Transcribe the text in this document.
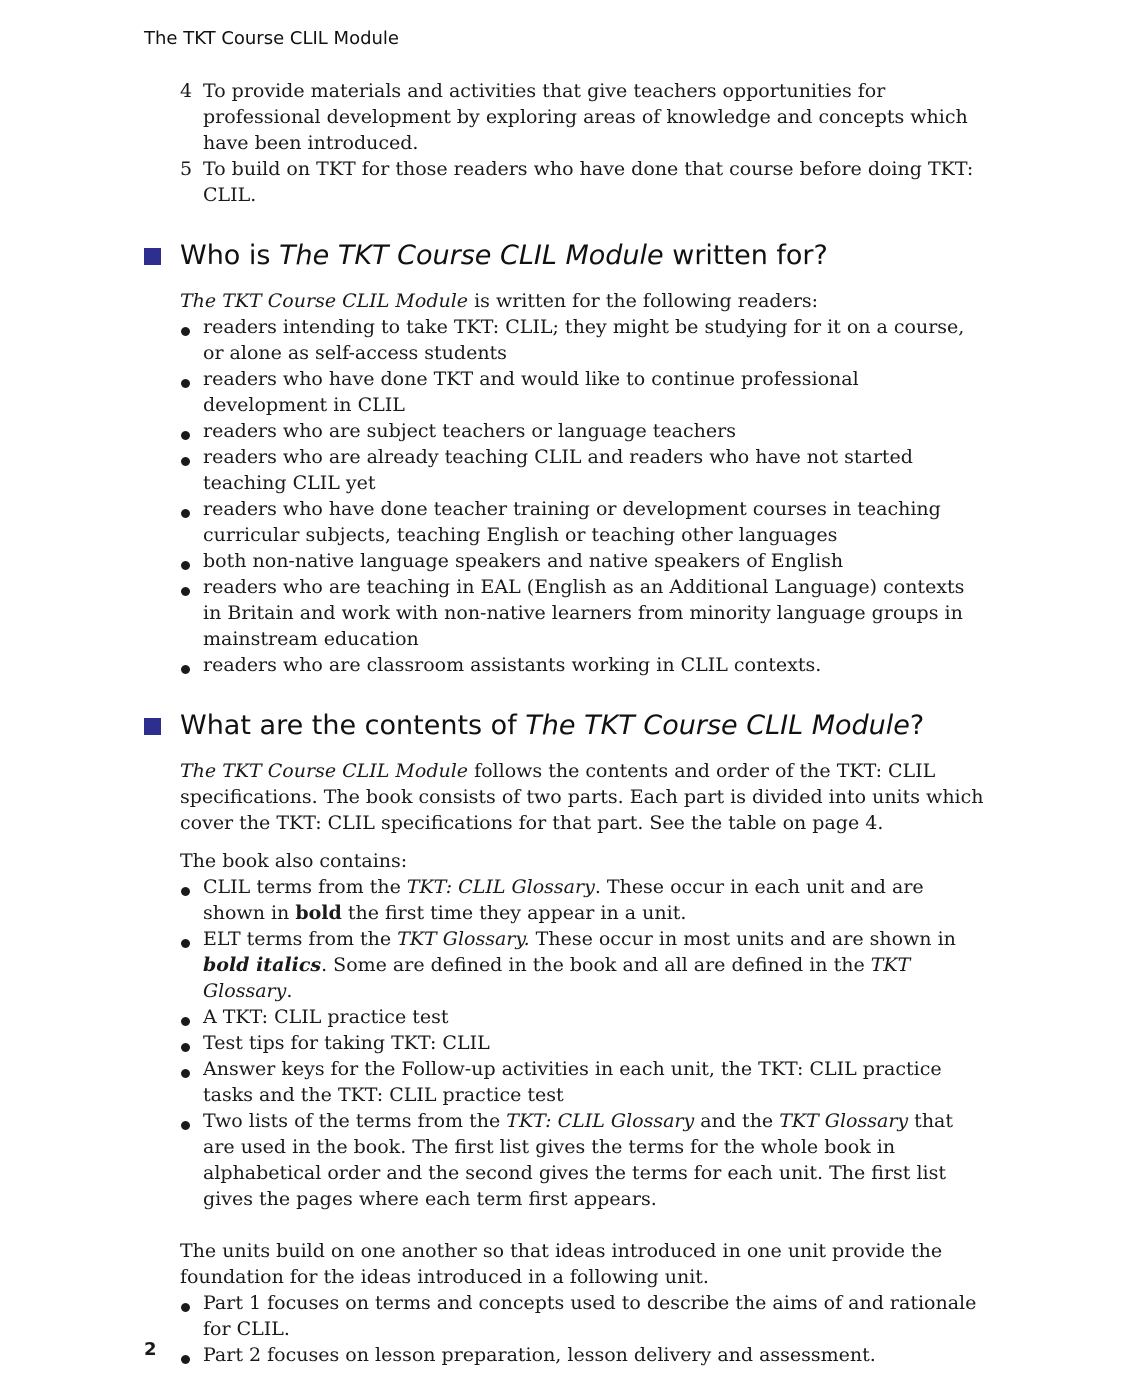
The TKT Course CLIL Module
4 To provide materials and activities that give teachers opportunities for professional development by exploring areas of knowledge and concepts which have been introduced.
5 To build on TKT for those readers who have done that course before doing TKT: CLIL.
Who is The TKT Course CLIL Module written for?

The TKT Course CLIL Module is written for the following readers:

readers intending to take TKT: CLIL; they might be studying for it on a course, or alone as self-access students
readers who have done TKT and would like to continue professional development in CLIL
readers who are subject teachers or language teachers
readers who are already teaching CLIL and readers who have not started teaching CLIL yet
readers who have done teacher training or development courses in teaching curricular subjects, teaching English or teaching other languages
both non-native language speakers and native speakers of English
readers who are teaching in EAL (English as an Additional Language) contexts in Britain and work with non-native learners from minority language groups in mainstream education
readers who are classroom assistants working in CLIL contexts.
What are the contents of The TKT Course CLIL Module?

The TKT Course CLIL Module follows the contents and order of the TKT: CLIL specifications. The book consists of two parts. Each part is divided into units which cover the TKT: CLIL specifications for that part. See the table on page 4.

The book also contains:

CLIL terms from the TKT: CLIL Glossary. These occur in each unit and are shown in bold the first time they appear in a unit.
ELT terms from the TKT Glossary. These occur in most units and are shown in bold italics. Some are defined in the book and all are defined in the TKT Glossary.
A TKT: CLIL practice test
Test tips for taking TKT: CLIL
Answer keys for the Follow-up activities in each unit, the TKT: CLIL practice tasks and the TKT: CLIL practice test
Two lists of the terms from the TKT: CLIL Glossary and the TKT Glossary that are used in the book. The first list gives the terms for the whole book in alphabetical order and the second gives the terms for each unit. The first list gives the pages where each term first appears.

The units build on one another so that ideas introduced in one unit provide the foundation for the ideas introduced in a following unit.

Part 1 focuses on terms and concepts used to describe the aims of and rationale for CLIL.
Part 2 focuses on lesson preparation, lesson delivery and assessment.
2
